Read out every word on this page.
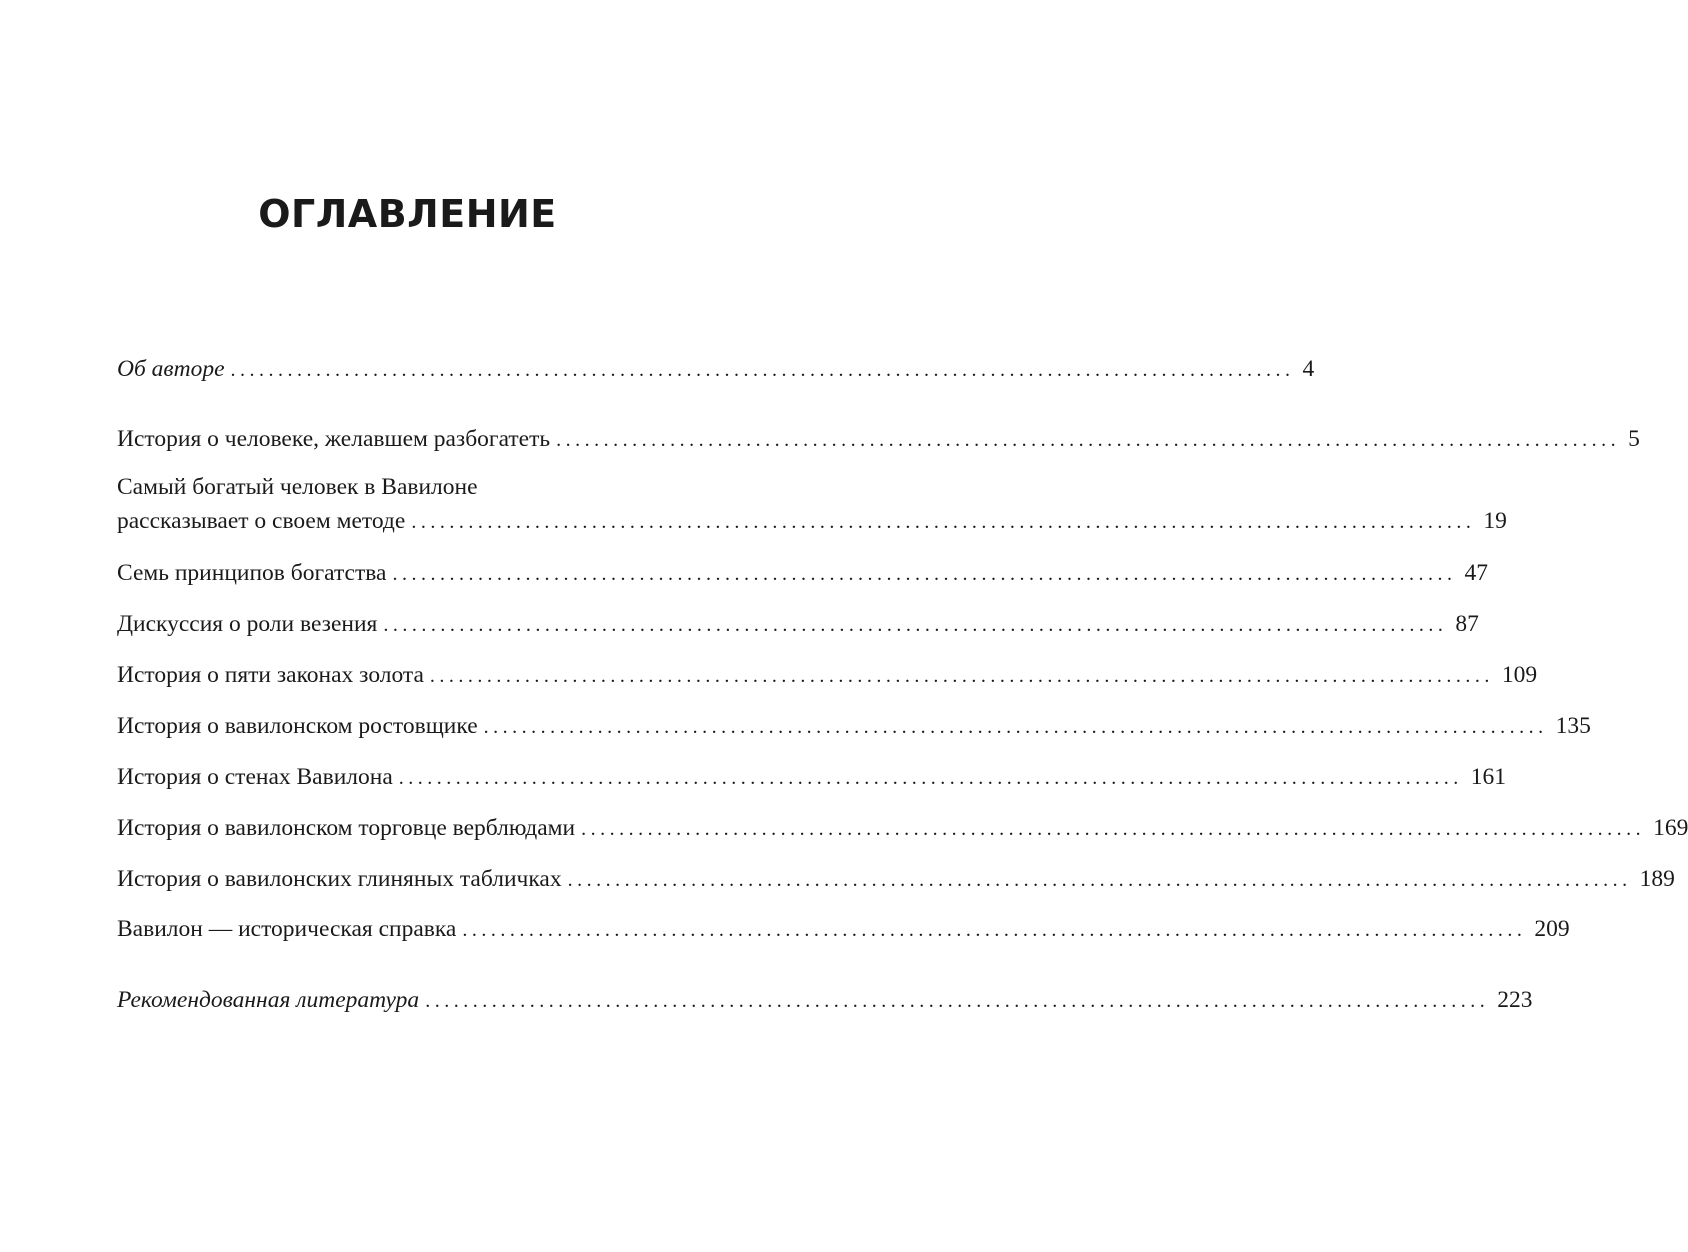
ОГЛАВЛЕНИЕ
Об авторе ................................................................................................................ 4
История о человеке, желавшем разбогатеть ................................................................................................................ 5
Самый богатый человек в Вавилоне
рассказывает о своем методе ................................................................................................................ 19
Семь принципов богатства ................................................................................................................ 47
Дискуссия о роли везения ................................................................................................................ 87
История о пяти законах золота ................................................................................................................ 109
История о вавилонском ростовщике ................................................................................................................ 135
История о стенах Вавилона ................................................................................................................ 161
История о вавилонском торговце верблюдами ................................................................................................................ 169
История о вавилонских глиняных табличках ................................................................................................................ 189
Вавилон — историческая справка ................................................................................................................ 209
Рекомендованная литература ................................................................................................................ 223
